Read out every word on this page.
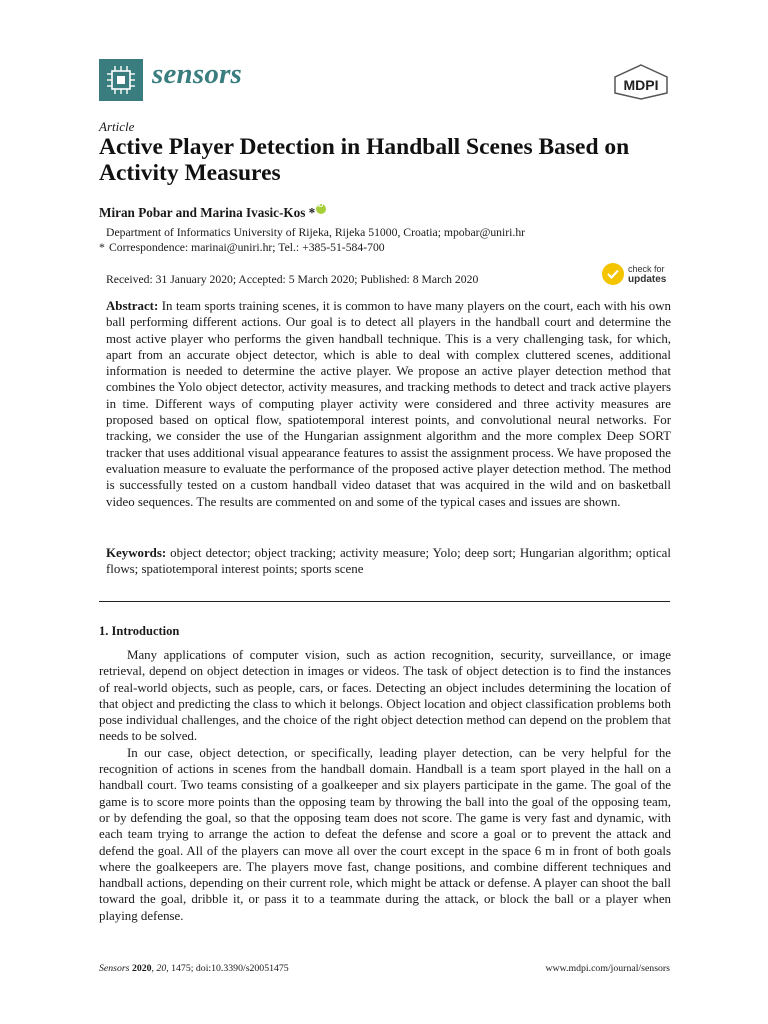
sensors	MDPI
Article
Active Player Detection in Handball Scenes Based on Activity Measures
Miran Pobar and Marina Ivasic-Kos *iD
Department of Informatics University of Rijeka, Rijeka 51000, Croatia; mpobar@uniri.hr
* Correspondence: marinai@uniri.hr; Tel.: +385-51-584-700
Received: 31 January 2020; Accepted: 5 March 2020; Published: 8 March 2020
check for
updates
Abstract: In team sports training scenes, it is common to have many players on the court, each with his own ball performing different actions. Our goal is to detect all players in the handball court and determine the most active player who performs the given handball technique. This is a very challenging task, for which, apart from an accurate object detector, which is able to deal with complex cluttered scenes, additional information is needed to determine the active player. We propose an active player detection method that combines the Yolo object detector, activity measures, and tracking methods to detect and track active players in time. Different ways of computing player activity were considered and three activity measures are proposed based on optical flow, spatiotemporal interest points, and convolutional neural networks. For tracking, we consider the use of the Hungarian assignment algorithm and the more complex Deep SORT tracker that uses additional visual appearance features to assist the assignment process. We have proposed the evaluation measure to evaluate the performance of the proposed active player detection method. The method is successfully tested on a custom handball video dataset that was acquired in the wild and on basketball video sequences. The results are commented on and some of the typical cases and issues are shown.
Keywords: object detector; object tracking; activity measure; Yolo; deep sort; Hungarian algorithm; optical flows; spatiotemporal interest points; sports scene
1. Introduction

Many applications of computer vision, such as action recognition, security, surveillance, or image retrieval, depend on object detection in images or videos. The task of object detection is to find the instances of real-world objects, such as people, cars, or faces. Detecting an object includes determining the location of that object and predicting the class to which it belongs. Object location and object classification problems both pose individual challenges, and the choice of the right object detection method can depend on the problem that needs to be solved.

In our case, object detection, or specifically, leading player detection, can be very helpful for the recognition of actions in scenes from the handball domain. Handball is a team sport played in the hall on a handball court. Two teams consisting of a goalkeeper and six players participate in the game. The goal of the game is to score more points than the opposing team by throwing the ball into the goal of the opposing team, or by defending the goal, so that the opposing team does not score. The game is very fast and dynamic, with each team trying to arrange the action to defeat the defense and score a goal or to prevent the attack and defend the goal. All of the players can move all over the court except in the space 6 m in front of both goals where the goalkeepers are. The players move fast, change positions, and combine different techniques and handball actions, depending on their current role, which might be attack or defense. A player can shoot the ball toward the goal, dribble it, or pass it to a teammate during the attack, or block the ball or a player when playing defense.

Sensors 2020, 20, 1475; doi:10.3390/s20051475	www.mdpi.com/journal/sensors
